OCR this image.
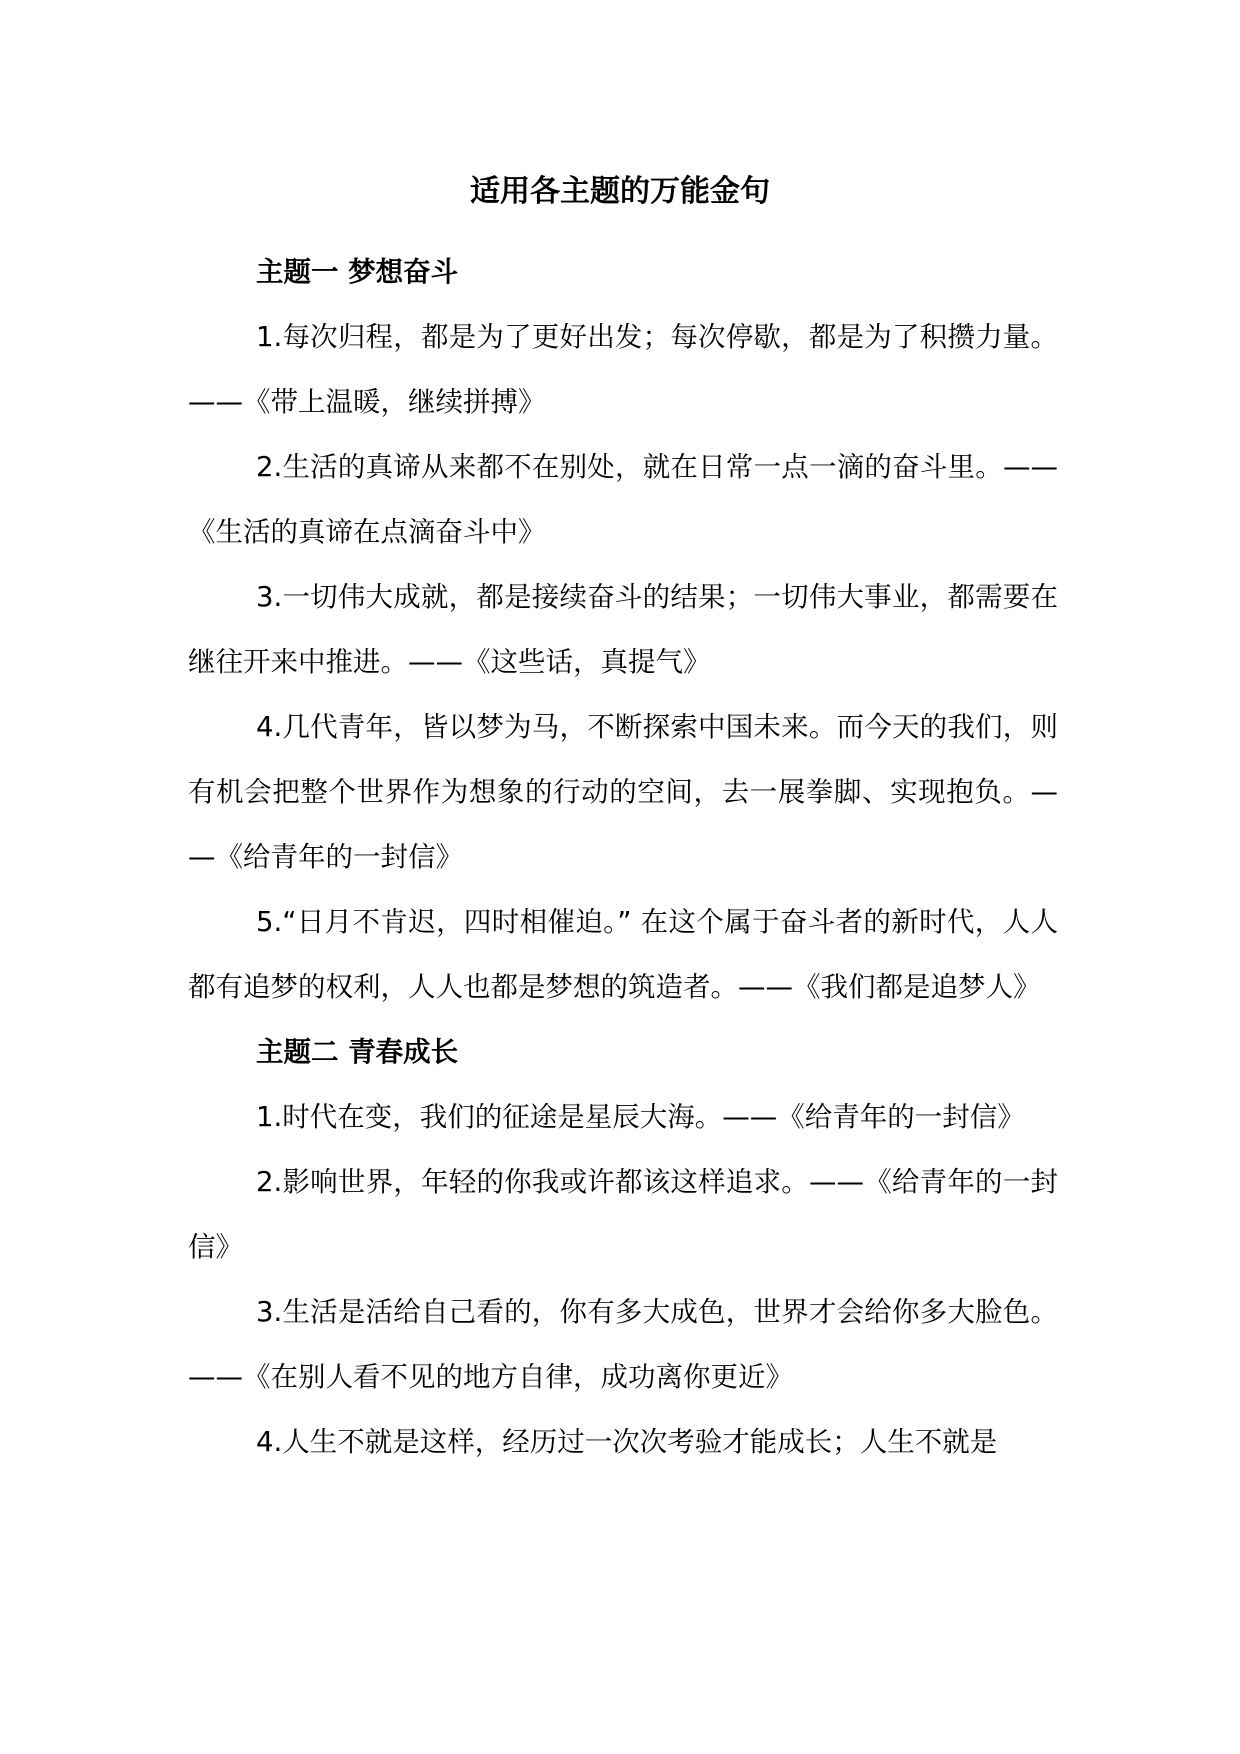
适用各主题的万能金句

主题一 梦想奋斗

1.每次归程，都是为了更好出发；每次停歇，都是为了积攒力量。——《带上温暖，继续拼搏》

2.生活的真谛从来都不在别处，就在日常一点一滴的奋斗里。——《生活的真谛在点滴奋斗中》

3.一切伟大成就，都是接续奋斗的结果；一切伟大事业，都需要在继往开来中推进。——《这些话，真提气》

4.几代青年，皆以梦为马，不断探索中国未来。而今天的我们，则有机会把整个世界作为想象的行动的空间，去一展拳脚、实现抱负。——《给青年的一封信》

5.“日月不肯迟，四时相催迫。” 在这个属于奋斗者的新时代，人人都有追梦的权利，人人也都是梦想的筑造者。——《我们都是追梦人》

主题二 青春成长

1.时代在变，我们的征途是星辰大海。——《给青年的一封信》

2.影响世界，年轻的你我或许都该这样追求。——《给青年的一封信》

3.生活是活给自己看的，你有多大成色，世界才会给你多大脸色。——《在别人看不见的地方自律，成功离你更近》

4.人生不就是这样，经历过一次次考验才能成长；人生不就是
